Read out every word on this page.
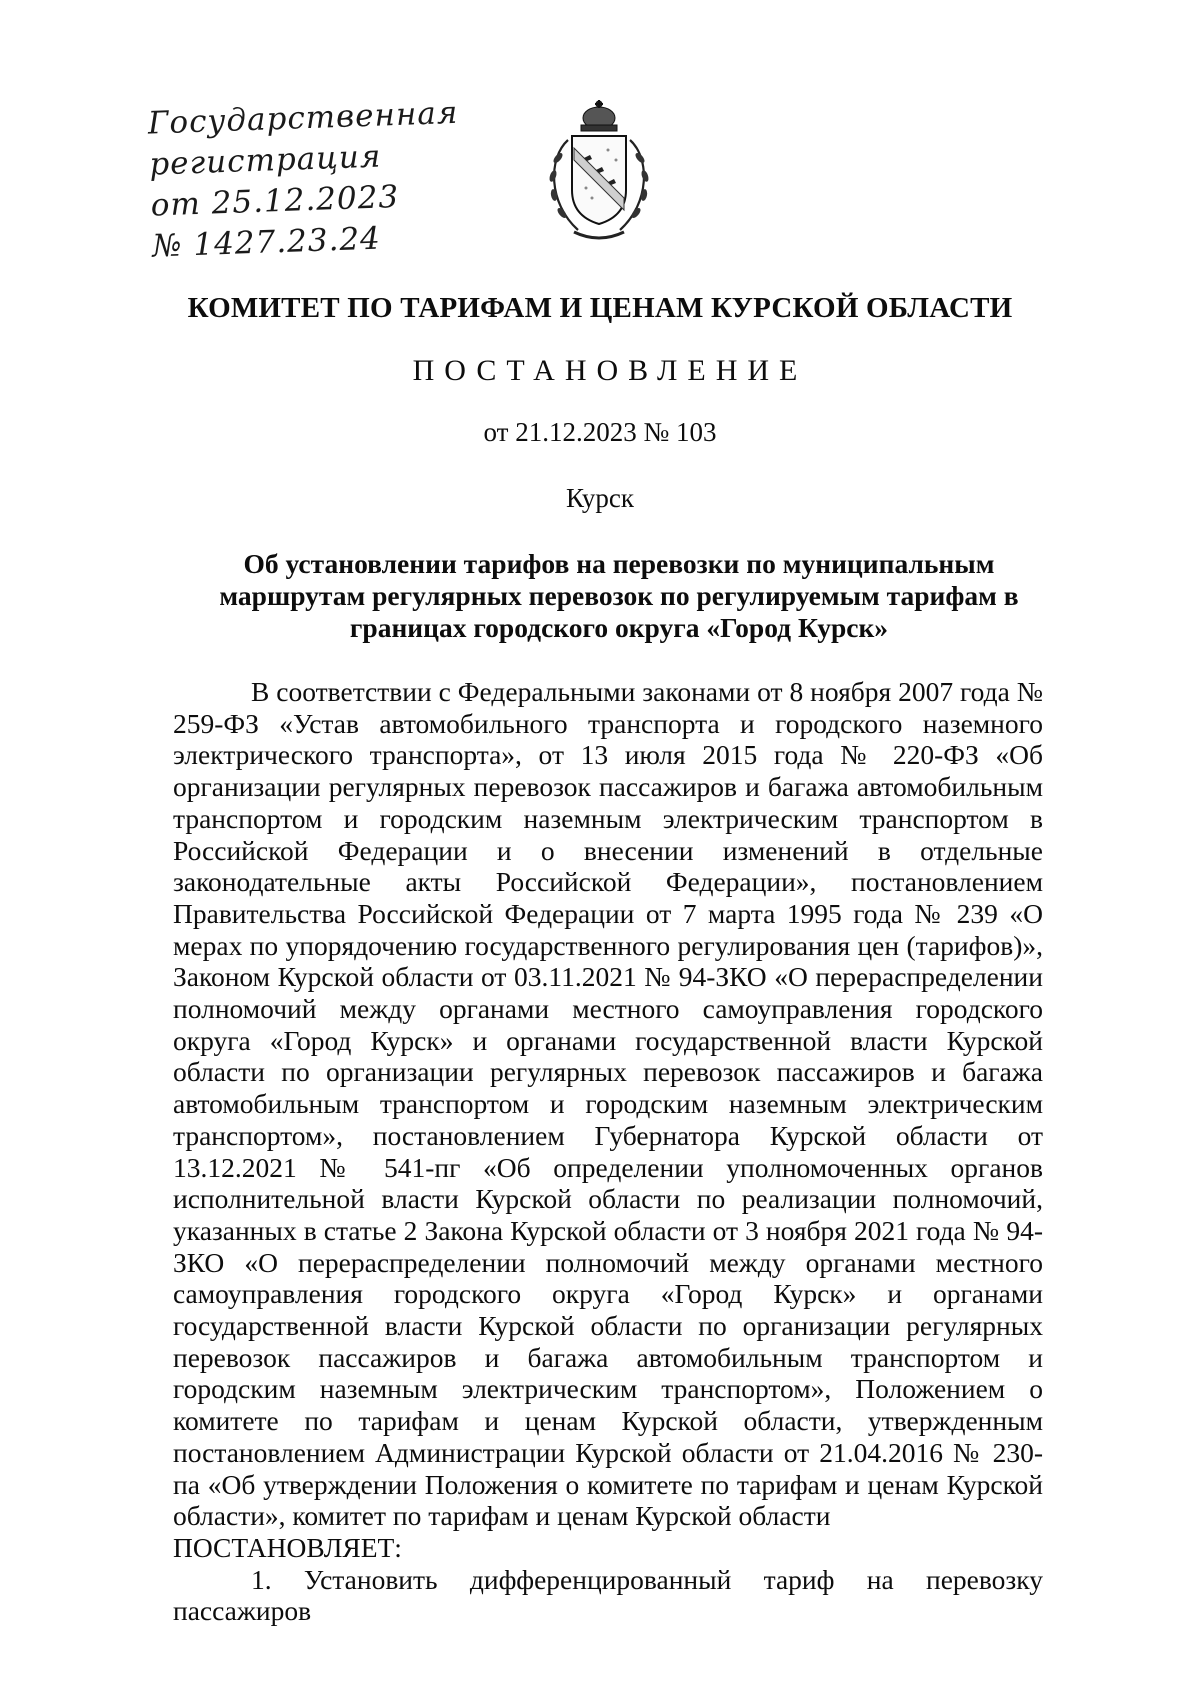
Государственная
регистрация
от 25.12.2023
№ 1427.23.24
КОМИТЕТ ПО ТАРИФАМ И ЦЕНАМ КУРСКОЙ ОБЛАСТИ
ПОСТАНОВЛЕНИЕ
от 21.12.2023 № 103
Курск
Об установлении тарифов на перевозки по муниципальным маршрутам регулярных перевозок по регулируемым тарифам в границах городского округа «Город Курск»

В соответствии с Федеральными законами от 8 ноября 2007 года № 259-ФЗ «Устав автомобильного транспорта и городского наземного электрического транспорта», от 13 июля 2015 года № 220-ФЗ «Об организации регулярных перевозок пассажиров и багажа автомобильным транспортом и городским наземным электрическим транспортом в Российской Федерации и о внесении изменений в отдельные законодательные акты Российской Федерации», постановлением Правительства Российской Федерации от 7 марта 1995 года № 239 «О мерах по упорядочению государственного регулирования цен (тарифов)», Законом Курской области от 03.11.2021 № 94-ЗКО «О перераспределении полномочий между органами местного самоуправления городского округа «Город Курск» и органами государственной власти Курской области по организации регулярных перевозок пассажиров и багажа автомобильным транспортом и городским наземным электрическим транспортом», постановлением Губернатора Курской области от 13.12.2021 № 541-пг «Об определении уполномоченных органов исполнительной власти Курской области по реализации полномочий, указанных в статье 2 Закона Курской области от 3 ноября 2021 года № 94-ЗКО «О перераспределении полномочий между органами местного самоуправления городского округа «Город Курск» и органами государственной власти Курской области по организации регулярных перевозок пассажиров и багажа автомобильным транспортом и городским наземным электрическим транспортом», Положением о комитете по тарифам и ценам Курской области, утвержденным постановлением Администрации Курской области от 21.04.2016 № 230-па «Об утверждении Положения о комитете по тарифам и ценам Курской области», комитет по тарифам и ценам Курской области

ПОСТАНОВЛЯЕТ:

1. Установить дифференцированный тариф на перевозку пассажиров
